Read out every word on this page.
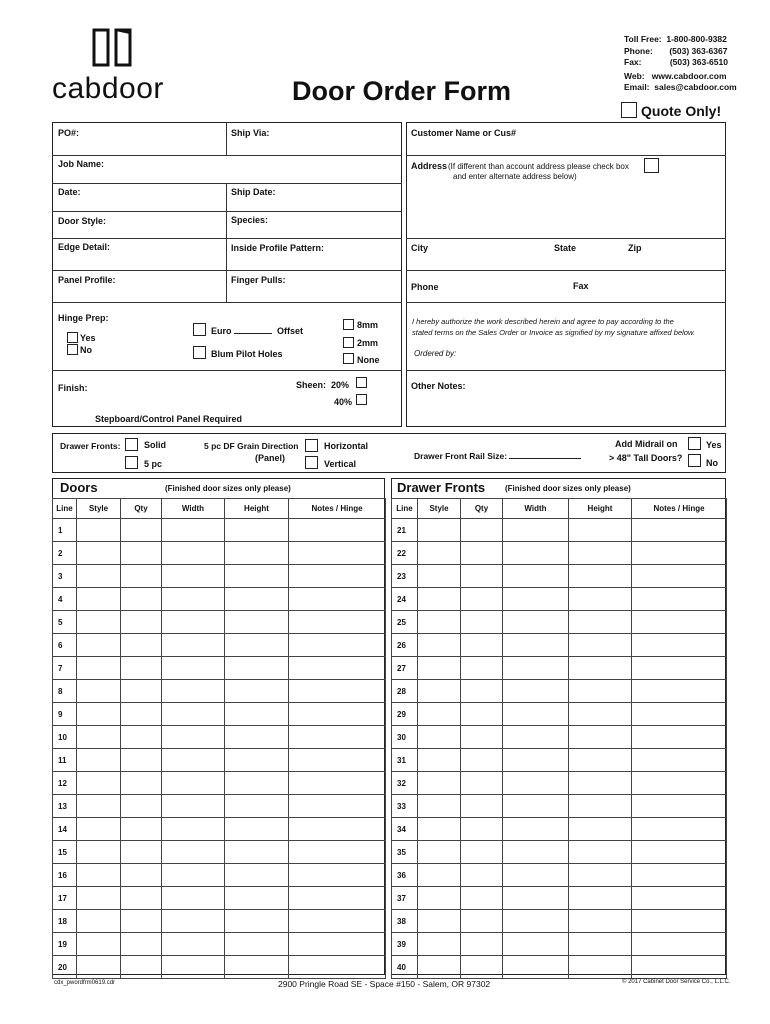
cabdoor	Door Order Form
Toll Free: 1-800-800-9382
Phone: (503) 363-6367
Fax:	(503) 363-6510
Web: www.cabdoor.com
Email: sales@cabdoor.com
Quote Only!
PO#:	Ship Via:
Job Name:
Date:	Ship Date:
Door Style:	Species:
Edge Detail:	Inside Profile Pattern:
Panel Profile:	Finger Pulls:
Hinge Prep:
Yes
No
Euro	Offset
Blum Pilot Holes
8mm
2mm
None
Finish:	Sheen: 20%
40%
Stepboard/Control Panel Required
Customer Name or Cus#
Address (If different than account address please check box
and enter alternate address below)
City	State	Zip
Phone	Fax
I hereby authorize the work described herein and agree to pay according to the
stated terms on the Sales Order or Invoice as signified by my signature affixed below.
Ordered by:
Other Notes:
Drawer Fronts:	Solid
5 pc
5 pc DF Grain Direction
(Panel)
Horizontal
Vertical
Drawer Front Rail Size:
Add Midrail on
> 48" Tall Doors?
Yes
No
Doors	(Finished door sizes only please)
Line	Style	Qty	Width	Height	Notes / Hinge
1					
2					
3					
4					
5					
6					
7					
8					
9					
10					
11					
12					
13					
14					
15					
16					
17					
18					
19					
20					
Drawer Fronts (Finished door sizes only please)
Line	Style	Qty	Width	Height	Notes / Hinge
21					
22					
23					
24					
25					
26					
27					
28					
29					
30					
31					
32					
33					
34					
35					
36					
37					
38					
39					
40					
cdx_pwordfrm0619.cdr	2900 Pringle Road SE - Space #150 - Salem, OR 97302	© 2017 Cabinet Door Service Co., L.L.C.
